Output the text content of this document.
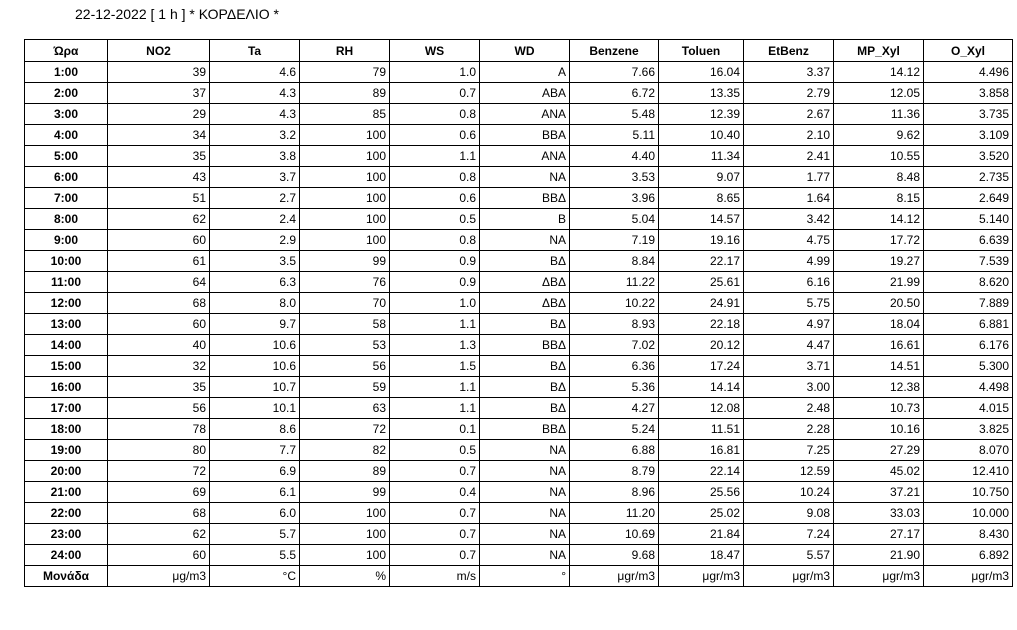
22-12-2022 [ 1 h ] * ΚΟΡΔΕΛΙΟ *
Ώρα	NO2	Ta	RH	WS	WD	Benzene	Toluen	EtBenz	MP_Xyl	O_Xyl
1:00	39	4.6	79	1.0	A	7.66	16.04	3.37	14.12	4.496
2:00	37	4.3	89	0.7	ABA	6.72	13.35	2.79	12.05	3.858
3:00	29	4.3	85	0.8	ANA	5.48	12.39	2.67	11.36	3.735
4:00	34	3.2	100	0.6	BBA	5.11	10.40	2.10	9.62	3.109
5:00	35	3.8	100	1.1	ANA	4.40	11.34	2.41	10.55	3.520
6:00	43	3.7	100	0.8	NA	3.53	9.07	1.77	8.48	2.735
7:00	51	2.7	100	0.6	BBΔ	3.96	8.65	1.64	8.15	2.649
8:00	62	2.4	100	0.5	B	5.04	14.57	3.42	14.12	5.140
9:00	60	2.9	100	0.8	NA	7.19	19.16	4.75	17.72	6.639
10:00	61	3.5	99	0.9	BΔ	8.84	22.17	4.99	19.27	7.539
11:00	64	6.3	76	0.9	ΔBΔ	11.22	25.61	6.16	21.99	8.620
12:00	68	8.0	70	1.0	ΔBΔ	10.22	24.91	5.75	20.50	7.889
13:00	60	9.7	58	1.1	BΔ	8.93	22.18	4.97	18.04	6.881
14:00	40	10.6	53	1.3	BBΔ	7.02	20.12	4.47	16.61	6.176
15:00	32	10.6	56	1.5	BΔ	6.36	17.24	3.71	14.51	5.300
16:00	35	10.7	59	1.1	BΔ	5.36	14.14	3.00	12.38	4.498
17:00	56	10.1	63	1.1	BΔ	4.27	12.08	2.48	10.73	4.015
18:00	78	8.6	72	0.1	BBΔ	5.24	11.51	2.28	10.16	3.825
19:00	80	7.7	82	0.5	NA	6.88	16.81	7.25	27.29	8.070
20:00	72	6.9	89	0.7	NA	8.79	22.14	12.59	45.02	12.410
21:00	69	6.1	99	0.4	NA	8.96	25.56	10.24	37.21	10.750
22:00	68	6.0	100	0.7	NA	11.20	25.02	9.08	33.03	10.000
23:00	62	5.7	100	0.7	NA	10.69	21.84	7.24	27.17	8.430
24:00	60	5.5	100	0.7	NA	9.68	18.47	5.57	21.90	6.892
Μονάδα	μg/m3	°C	%	m/s	°	μgr/m3	μgr/m3	μgr/m3	μgr/m3	μgr/m3
